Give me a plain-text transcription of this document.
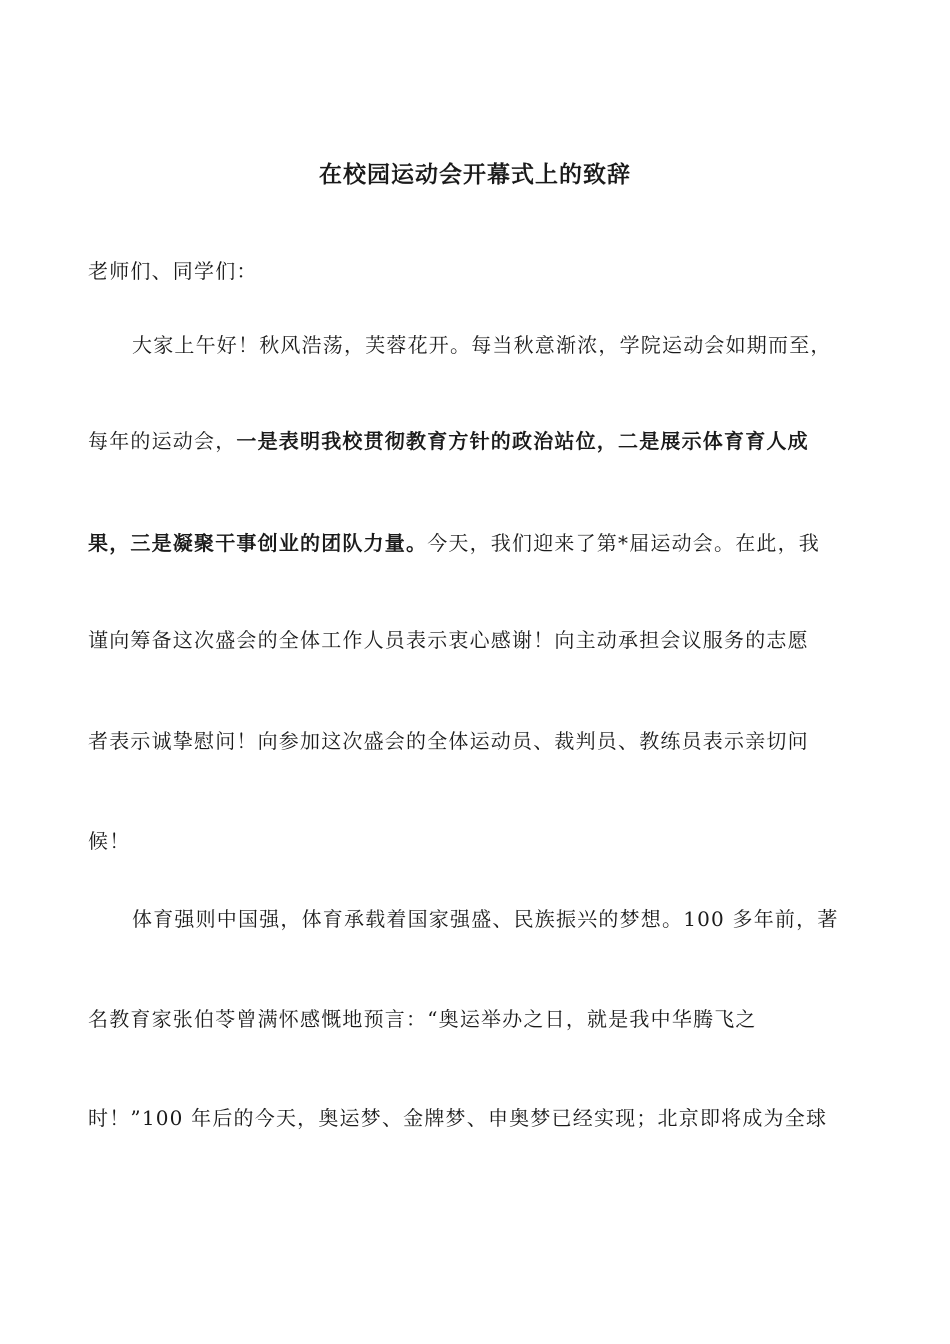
在校园运动会开幕式上的致辞
老师们、同学们：
大家上午好！秋风浩荡，芙蓉花开。每当秋意渐浓，学院运动会如期而至，
每年的运动会，一是表明我校贯彻教育方针的政治站位，二是展示体育育人成
果，三是凝聚干事创业的团队力量。今天，我们迎来了第*届运动会。在此，我
谨向筹备这次盛会的全体工作人员表示衷心感谢！向主动承担会议服务的志愿
者表示诚挚慰问！向参加这次盛会的全体运动员、裁判员、教练员表示亲切问
候！
体育强则中国强，体育承载着国家强盛、民族振兴的梦想。100 多年前，著
名教育家张伯苓曾满怀感慨地预言：“奥运举办之日，就是我中华腾飞之
时！”100 年后的今天，奥运梦、金牌梦、申奥梦已经实现；北京即将成为全球
